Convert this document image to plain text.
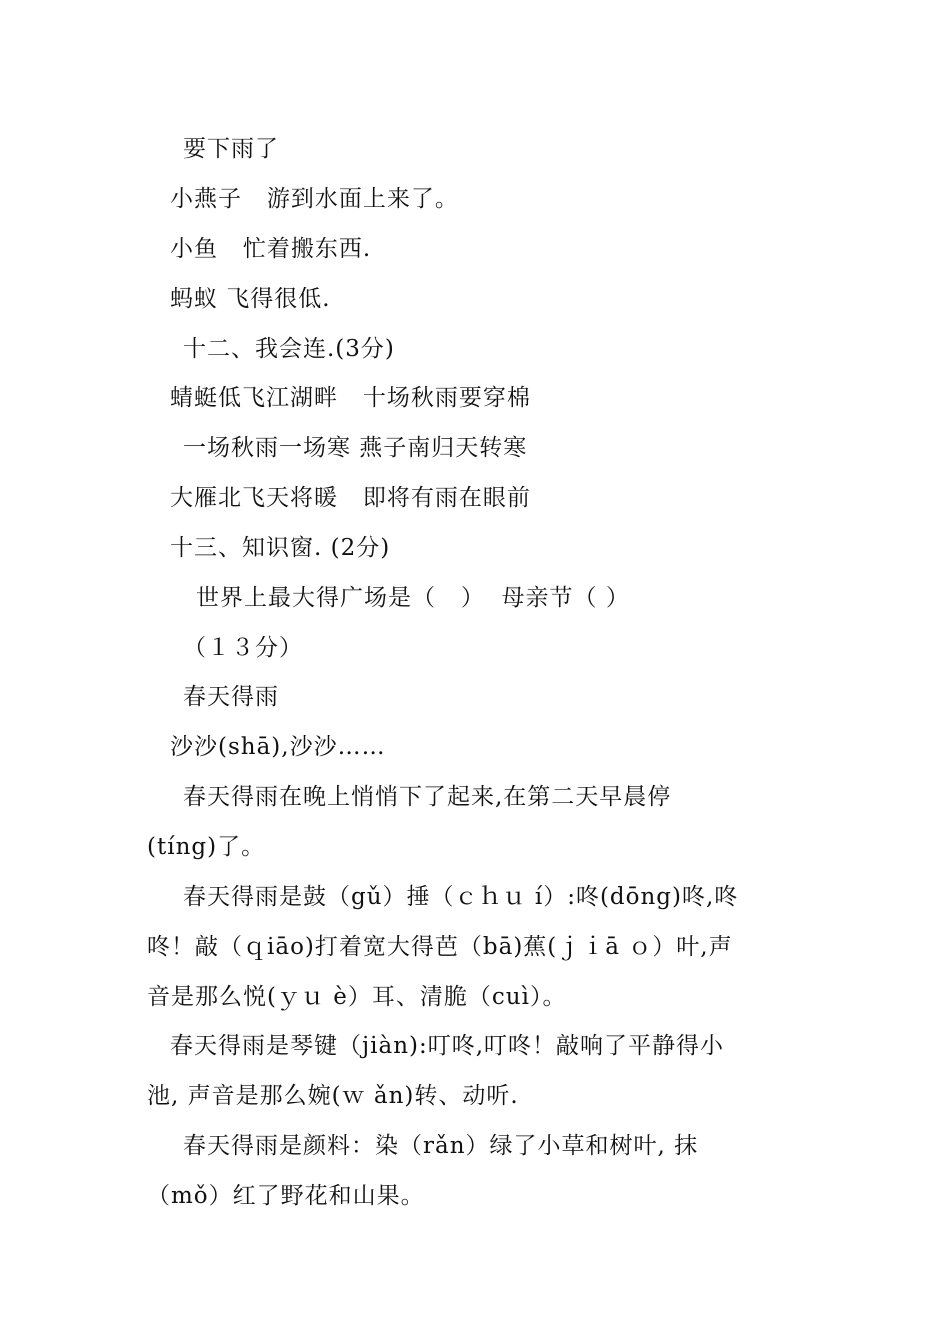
要下雨了
小燕子   游到水面上来了。
小鱼   忙着搬东西.
蚂蚁 飞得很低.
十二、我会连.(3分)
蜻蜓低飞江湖畔   十场秋雨要穿棉
一场秋雨一场寒 燕子南归天转寒
大雁北飞天将暖   即将有雨在眼前
十三、知识窗. (2分)
世界上最大得广场是（   ）  母亲节（ ）
（１３分）
春天得雨
沙沙(shā),沙沙……
春天得雨在晚上悄悄下了起来,在第二天早晨停
(tíng)了。
春天得雨是鼓（gǔ）捶（ｃｈｕ í）:咚(dōng)咚,咚
咚！敲（ｑiāo)打着宽大得芭（bā)蕉(ｊｉā ｏ）叶,声
音是那么悦(ｙｕ è）耳、清脆（cuì）。
春天得雨是琴键（jiàn):叮咚,叮咚！敲响了平静得小
池, 声音是那么婉(ｗ ǎn)转、动听.
春天得雨是颜料：染（rǎn）绿了小草和树叶, 抹
（mǒ）红了野花和山果。
